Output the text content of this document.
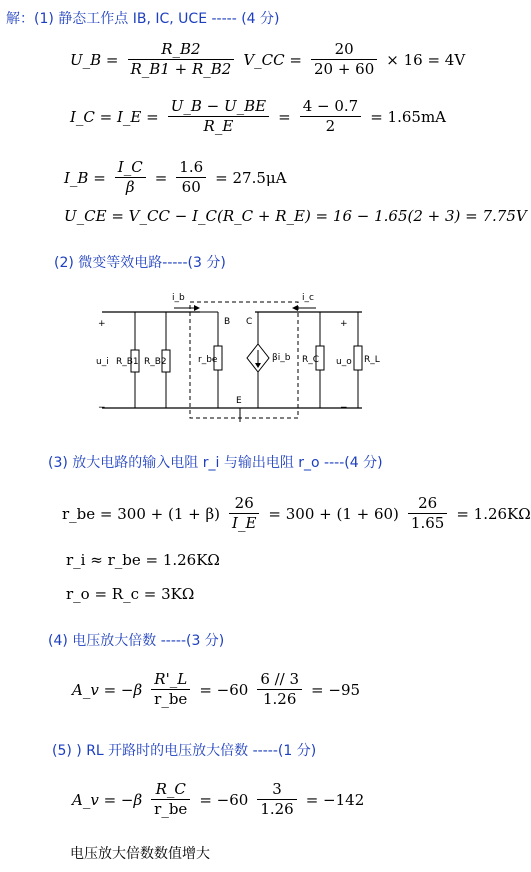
解：(1) 静态工作点 IB, IC, UCE ----- (4 分)
U_B = $\frac{R\_B2}{R\_B1 + R\_B2}$ V_CC = $\frac{20}{20 + 60} \times 16 = 4V$
I_C = I_E = $\frac{U\_B - U\_BE}{R\_E} = \frac{4 - 0.7}{2} = 1.65mA$
I_B = $\frac{I\_C}{\beta} = \frac{1.6}{60} = 27.5\mu A$
U_CE = V_CC − I_C(R_C + R_E) = 16 − 1.65(2 + 3) = 7.75V
(2) 微变等效电路-----(3 分)
+
−
u_i R_B1 R_B2
i_b
r_be
B C
βi_b
E
i_c
R_C
+
−
u_o R_L
(3) 放大电路的输入电阻 r_i 与输出电阻 r_o ----(4 分)
r_be = $300 + (1 + \beta) \frac{26}{I\_E} = 300 + (1 + 60) \frac{26}{1.65} = 1.26K\Omega$
r_i ≈ r_be = 1.26KΩ
r_o = R_c = 3KΩ
(4) 电压放大倍数 -----(3 分)
A_v = $-\beta \frac{R'\_L}{r\_be} = -60 \frac{6 // 3}{1.26} = -95$
(5) ) RL 开路时的电压放大倍数 -----(1 分)
A_v = $-\beta \frac{R\_C}{r\_be} = -60 \frac{3}{1.26} = -142$
电压放大倍数数值增大
